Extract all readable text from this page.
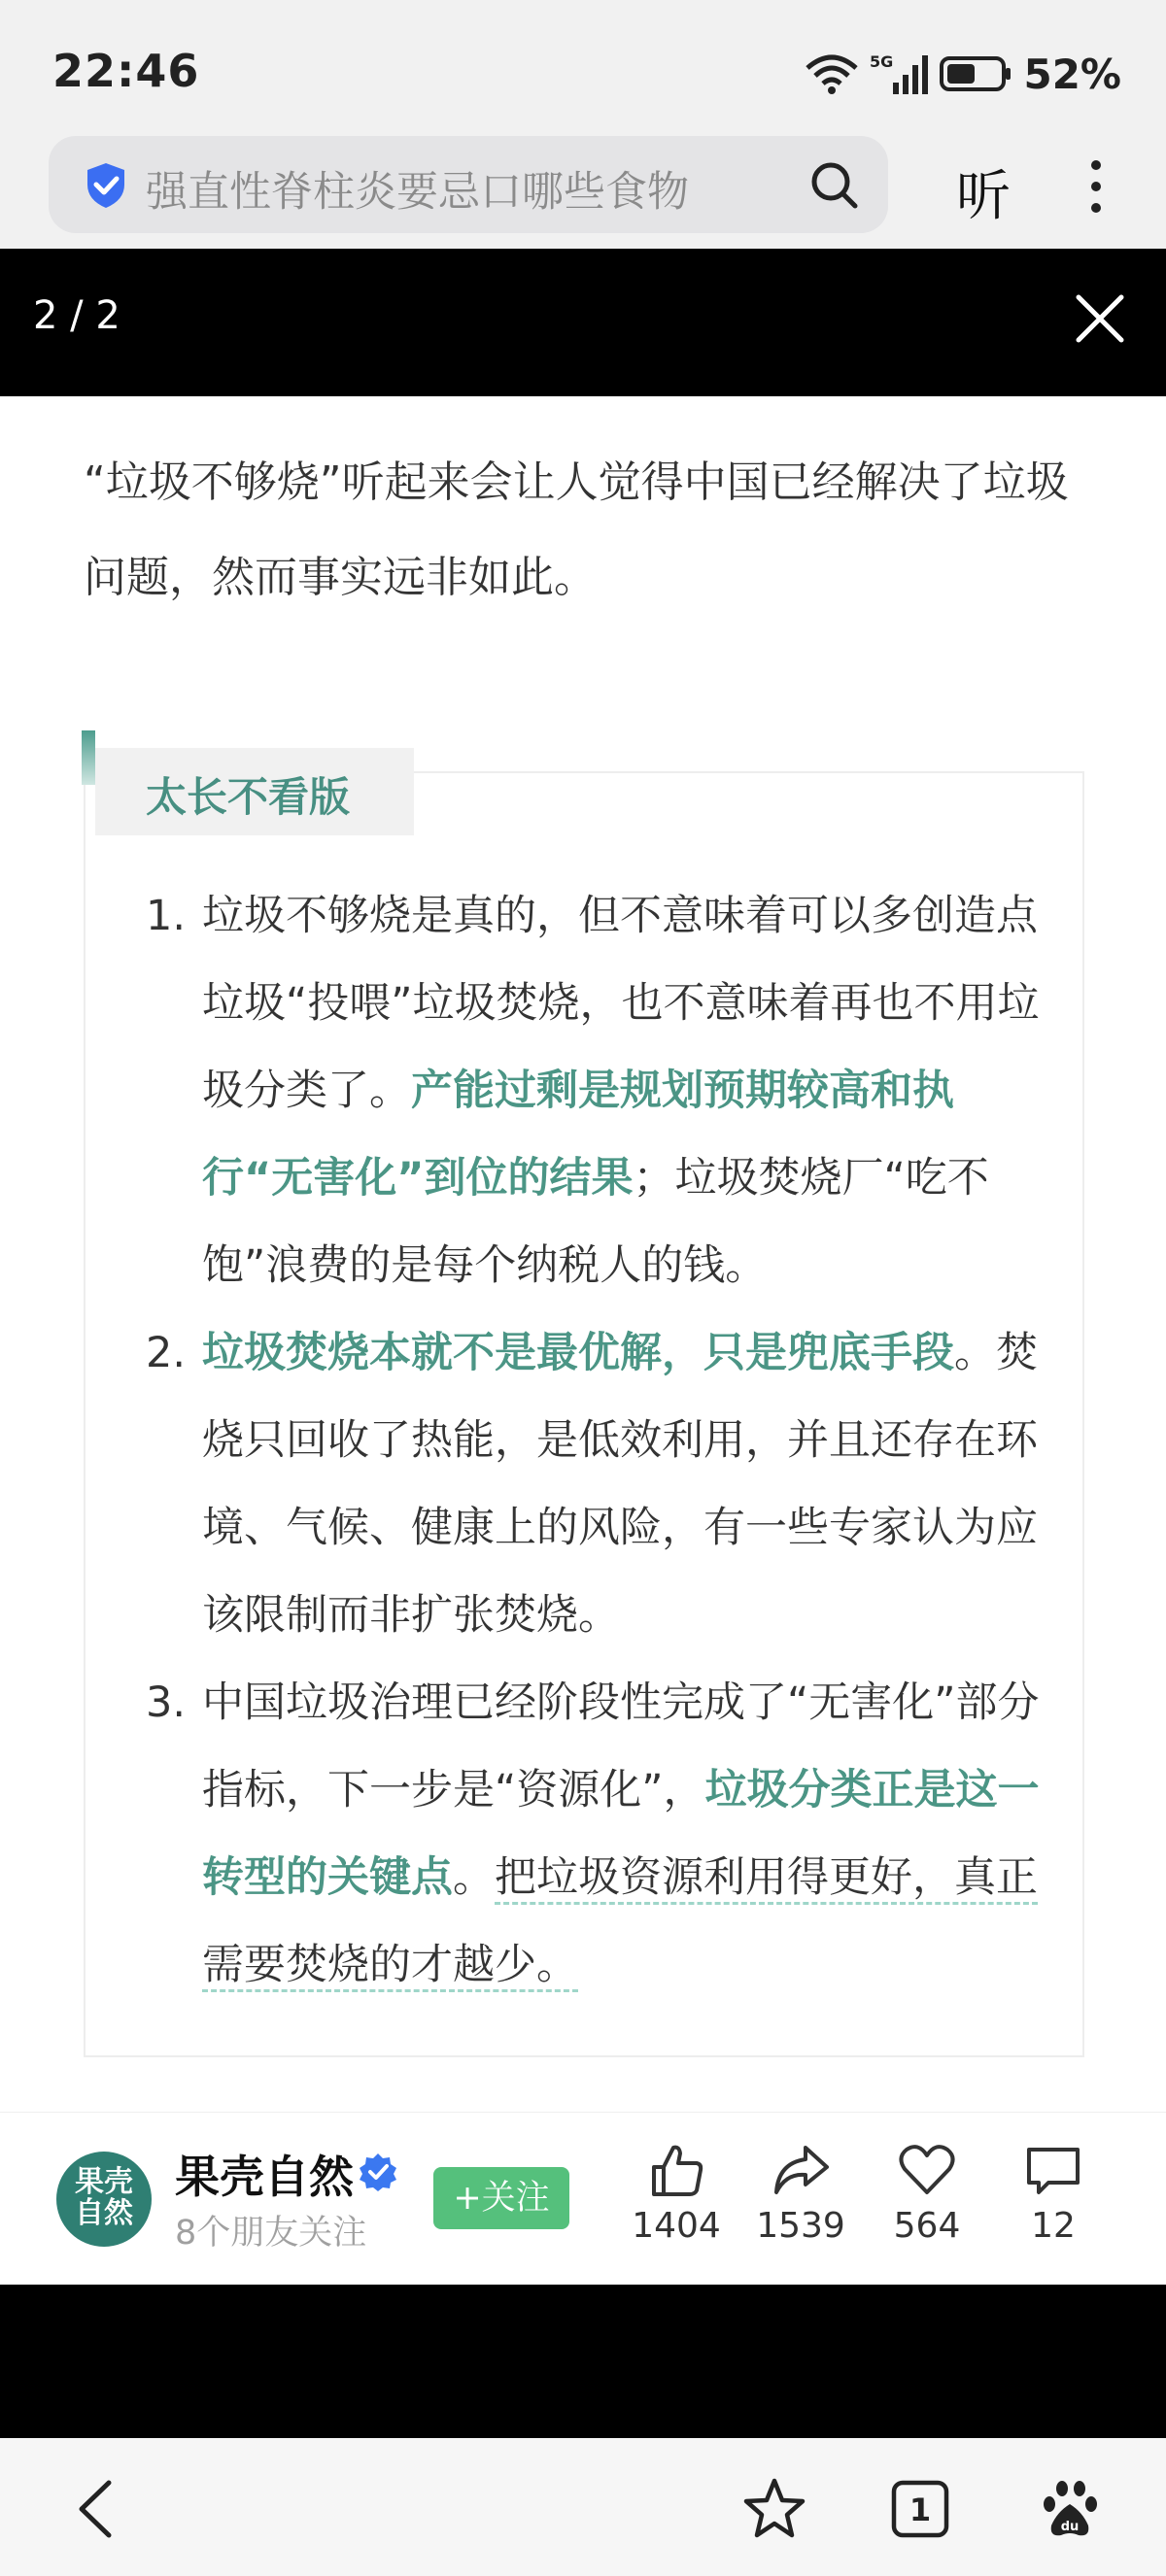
22:46	5G	52%
强直性脊柱炎要忌口哪些食物	听
2 / 2

“垃圾不够烧”听起来会让人觉得中国已经解决了垃圾问题，然而事实远非如此。

太长不看版
1. 垃圾不够烧是真的，但不意味着可以多创造点垃圾“投喂”垃圾焚烧，也不意味着再也不用垃圾分类了。产能过剩是规划预期较高和执行“无害化”到位的结果；垃圾焚烧厂“吃不饱”浪费的是每个纳税人的钱。
2. 垃圾焚烧本就不是最优解，只是兜底手段。焚烧只回收了热能，是低效利用，并且还存在环境、气候、健康上的风险，有一些专家认为应该限制而非扩张焚烧。
3. 中国垃圾治理已经阶段性完成了“无害化”部分指标，下一步是“资源化”，垃圾分类正是这一转型的关键点。把垃圾资源利用得更好，真正需要焚烧的才越少。
果壳自然
果壳自然
8个朋友关注
+关注
1404 1539	564	12
1	du
